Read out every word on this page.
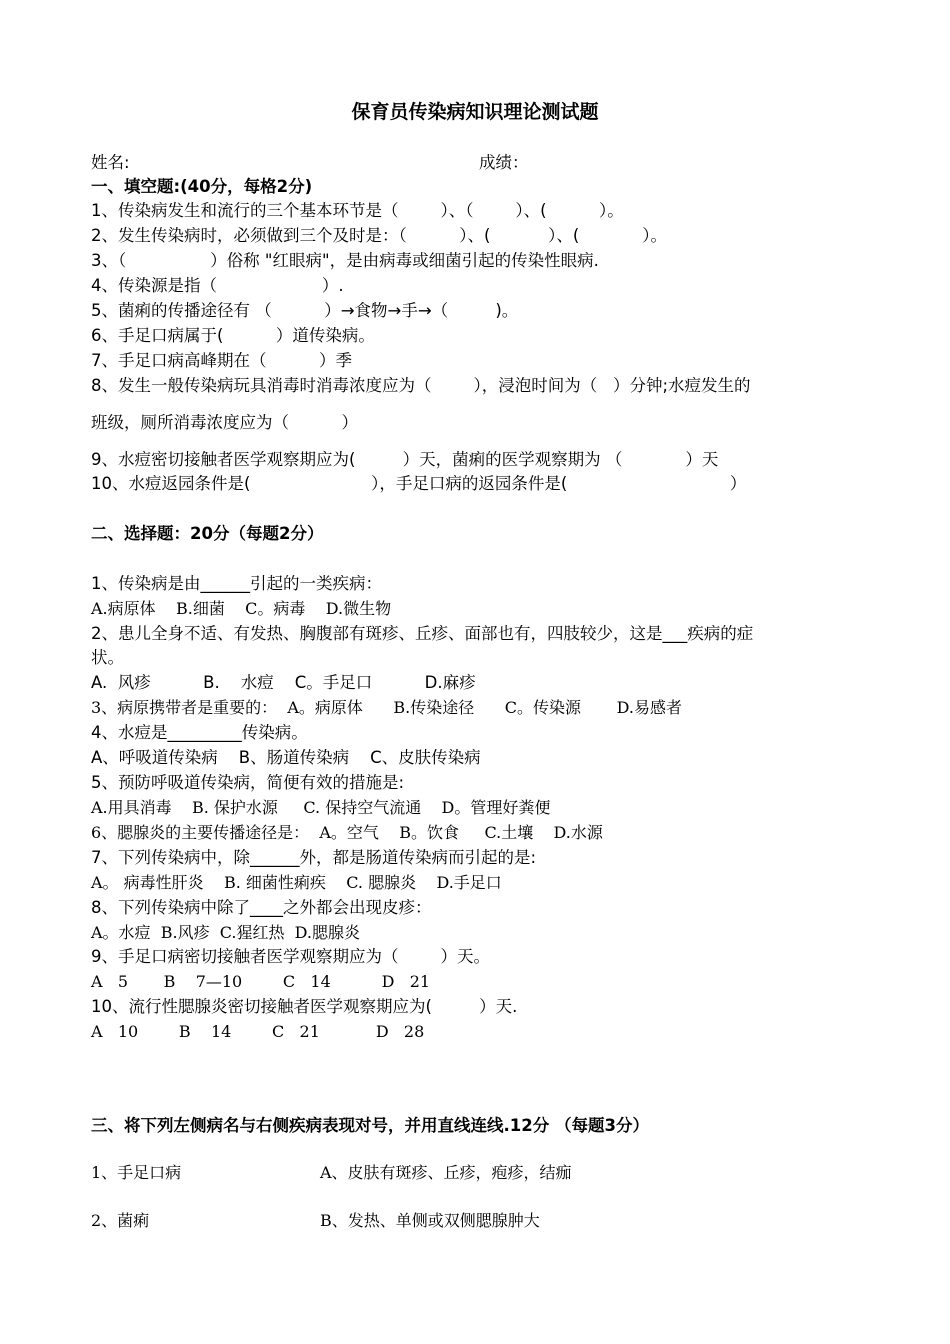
保育员传染病知识理论测试题
姓名:	成绩：
一、填空题:(40分，每格2分)
1、传染病发生和流行的三个基本环节是（        ）、（        ）、(          ）。
2、发生传染病时，必须做到三个及时是：（          ）、(           ）、(            ）。
3、（                ）俗称 "红眼病"，是由病毒或细菌引起的传染性眼病.
4、传染源是指（                    ）.
5、菌痢的传播途径有 （          ）→食物→手→（         )。
6、手足口病属于(          ）道传染病。
7、手足口病高峰期在（          ）季
8、发生一般传染病玩具消毒时消毒浓度应为（        ），浸泡时间为（   ）分钟;水痘发生的
班级，厕所消毒浓度应为（          ）
9、水痘密切接触者医学观察期应为(         ）天，菌痢的医学观察期为 （            ）天
10、水痘返园条件是(                       ），手足口病的返园条件是(                               ）
二、选择题：20分（每题2分）
1、传染病是由______引起的一类疾病：
A.病原体    B.细菌    C。病毒    D.微生物
2、患儿全身不适、有发热、胸腹部有斑疹、丘疹、面部也有，四肢较少，这是___疾病的症
状。
A.  风疹          B.    水痘    C。手足口          D.麻疹
3、病原携带者是重要的：  A。病原体      B.传染途径      C。传染源       D.易感者
4、水痘是_________传染病。
A、呼吸道传染病    B、肠道传染病    C、皮肤传染病
5、预防呼吸道传染病，简便有效的措施是:
A.用具消毒    B. 保护水源     C. 保持空气流通    D。管理好粪便
6、腮腺炎的主要传播途径是：  A。空气    B。饮食     C.土壤    D.水源
7、下列传染病中，除______外，都是肠道传染病而引起的是:
A。 病毒性肝炎    B. 细菌性痢疾    C. 腮腺炎    D.手足口
8、下列传染病中除了____之外都会出现皮疹：
A。水痘  B.风疹  C.猩红热  D.腮腺炎
9、手足口病密切接触者医学观察期应为（        ）天。
A   5       B    7—10        C   14          D   21
10、流行性腮腺炎密切接触者医学观察期应为(         ）天.
A   10        B    14        C   21           D   28
三、将下列左侧病名与右侧疾病表现对号，并用直线连线.12分 （每题3分）
1、手足口病	A、皮肤有斑疹、丘疹，疱疹，结痂
2、菌痢	B、发热、单侧或双侧腮腺肿大
